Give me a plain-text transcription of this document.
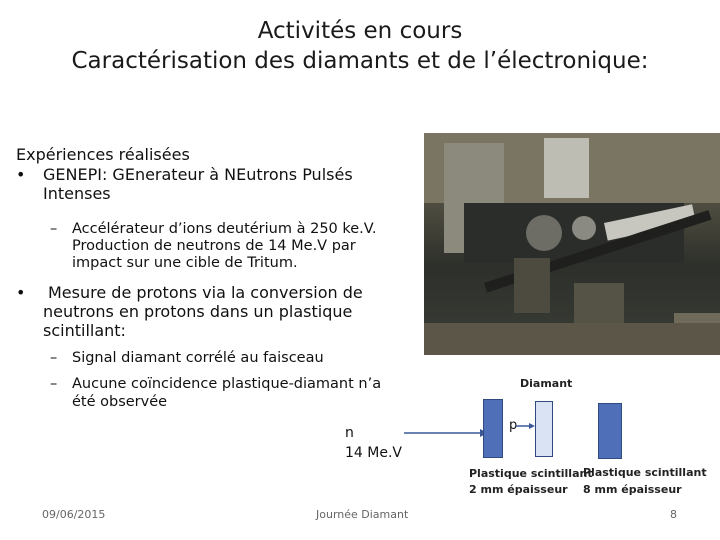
Activités en cours
Caractérisation des diamants et de l’électronique:
Expériences réalisées
• GENEPI: GEnerateur à NEutrons Pulsés
Intenses
– Accélérateur d’ions deutérium à 250 ke.V.
Production de neutrons de 14 Me.V par
impact sur une cible de Tritum.
• Mesure de protons via la conversion de
neutrons en protons dans un plastique
scintillant:
– Signal diamant corrélé au faisceau
– Aucune coïncidence plastique-diamant n’a
été observée
Diamant
n
14 Me.V
p
Plastique scintillant
2 mm épaisseur
Plastique scintillant
8 mm épaisseur
09/06/2015	Journée Diamant	8
